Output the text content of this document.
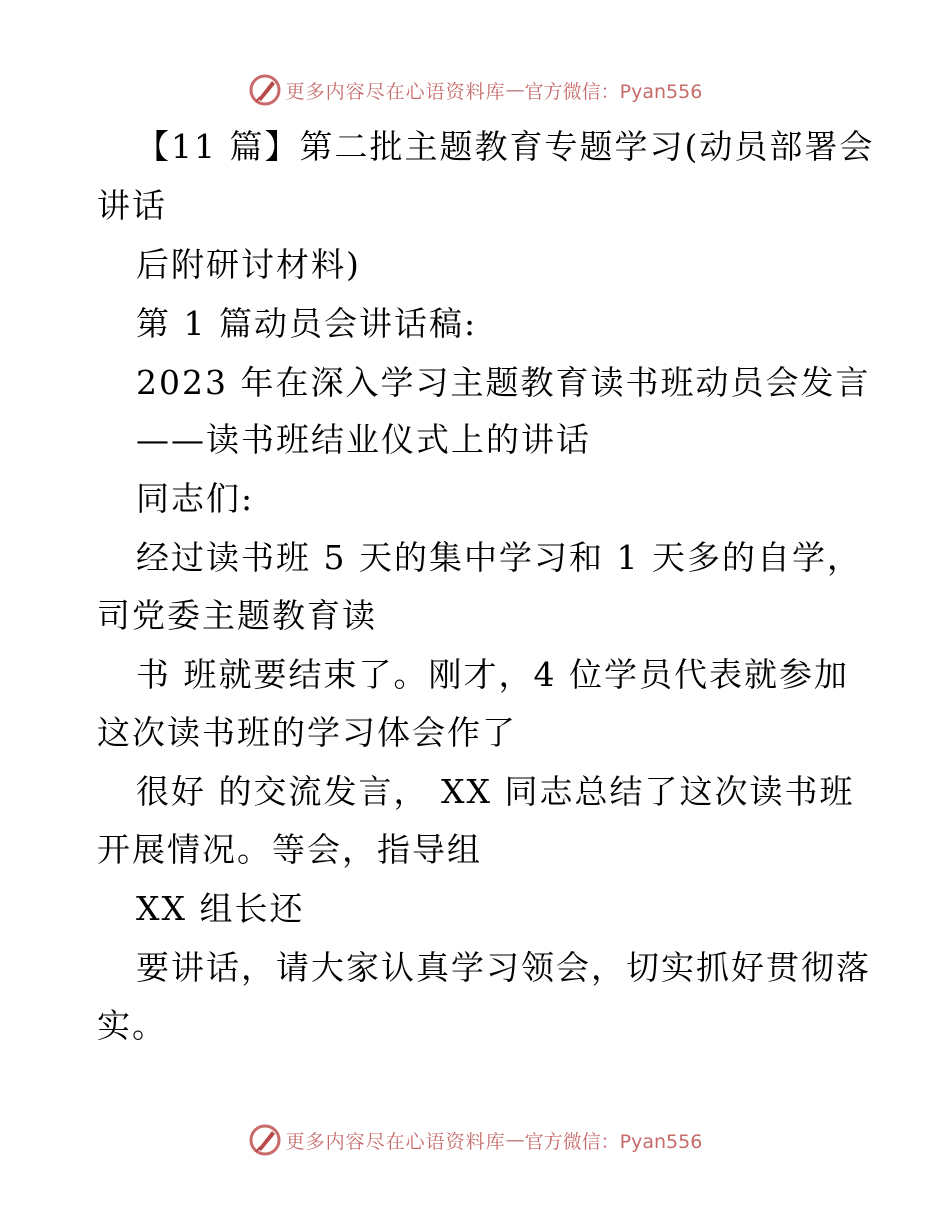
更多内容尽在心语资料库 — 官方微信：Pyan556
【11 篇】第二批主题教育专题学习(动员部署会
讲话
后附研讨材料)
第 1 篇动员会讲话稿:
2023 年在深入学习主题教育读书班动员会发言
——读书班结业仪式上的讲话
同志们:
经过读书班 5 天的集中学习和 1 天多的自学，
司党委主题教育读
书 班就要结束了。刚才，4 位学员代表就参加
这次读书班的学习体会作了
很好 的交流发言， XX 同志总结了这次读书班
开展情况。等会，指导组
XX 组长还
要讲话，请大家认真学习领会，切实抓好贯彻落
实。
更多内容尽在心语资料库 — 官方微信：Pyan556
